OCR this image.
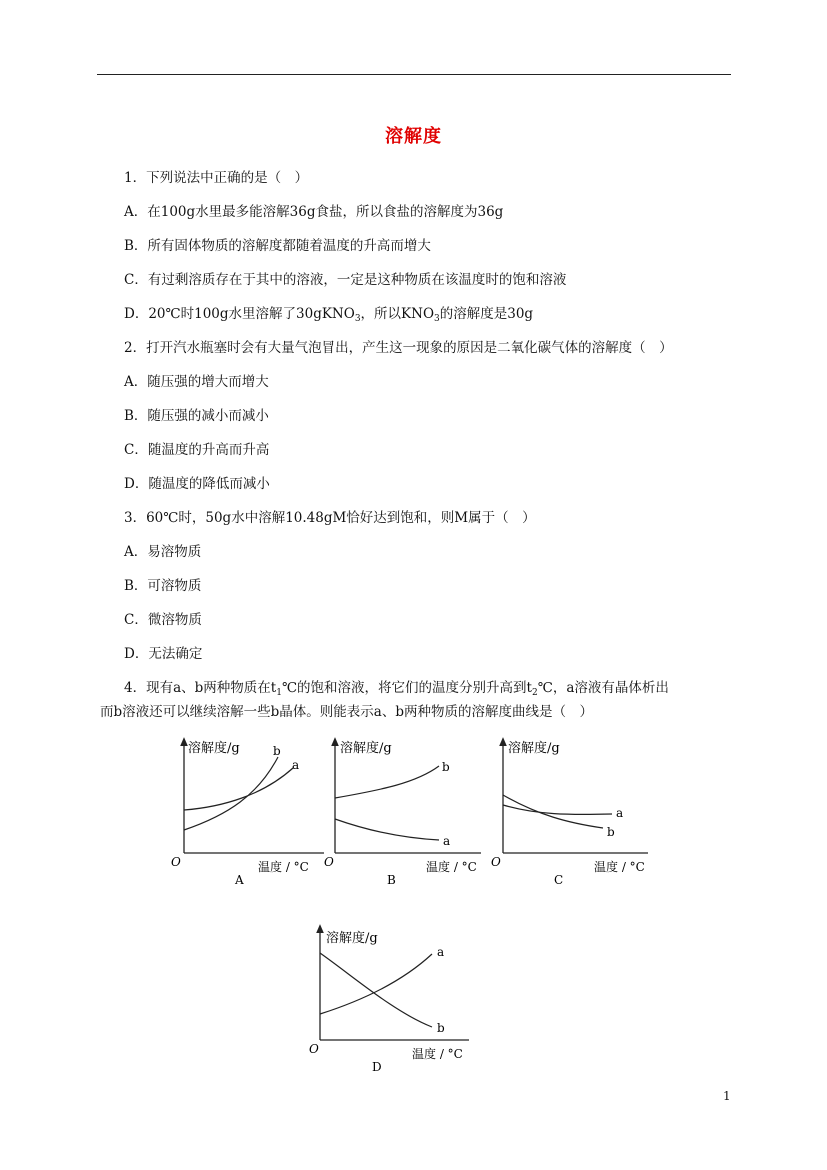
溶解度
1．下列说法中正确的是（　）
A．在100g水里最多能溶解36g食盐，所以食盐的溶解度为36g
B．所有固体物质的溶解度都随着温度的升高而增大
C．有过剩溶质存在于其中的溶液，一定是这种物质在该温度时的饱和溶液
D．20℃时100g水里溶解了30gKNO$_3$，所以$KNO_3$的溶解度是30g
2．打开汽水瓶塞时会有大量气泡冒出，产生这一现象的原因是二氧化碳气体的溶解度（　）
A．随压强的增大而增大
B．随压强的减小而减小
C．随温度的升高而升高
D．随温度的降低而减小
3．60℃时，50g水中溶解10.48gM恰好达到饱和，则M属于（　）
A．易溶物质
B．可溶物质
C．微溶物质
D．无法确定
4．现有a、b两种物质在$t_1℃$的饱和溶液，将它们的温度分别升高到$t_2℃$，a溶液有晶体析出
而b溶液还可以继续溶解一些b晶体。则能表示a、b两种物质的溶解度曲线是（　）
溶解度/g
O	温度 / °C
a
b
A
溶解度/g
O	温度 / °C
b
a
B
溶解度/g
O	温度 / °C
a
b
C
溶解度/g
O	温度 / °C
a
b
D
1
